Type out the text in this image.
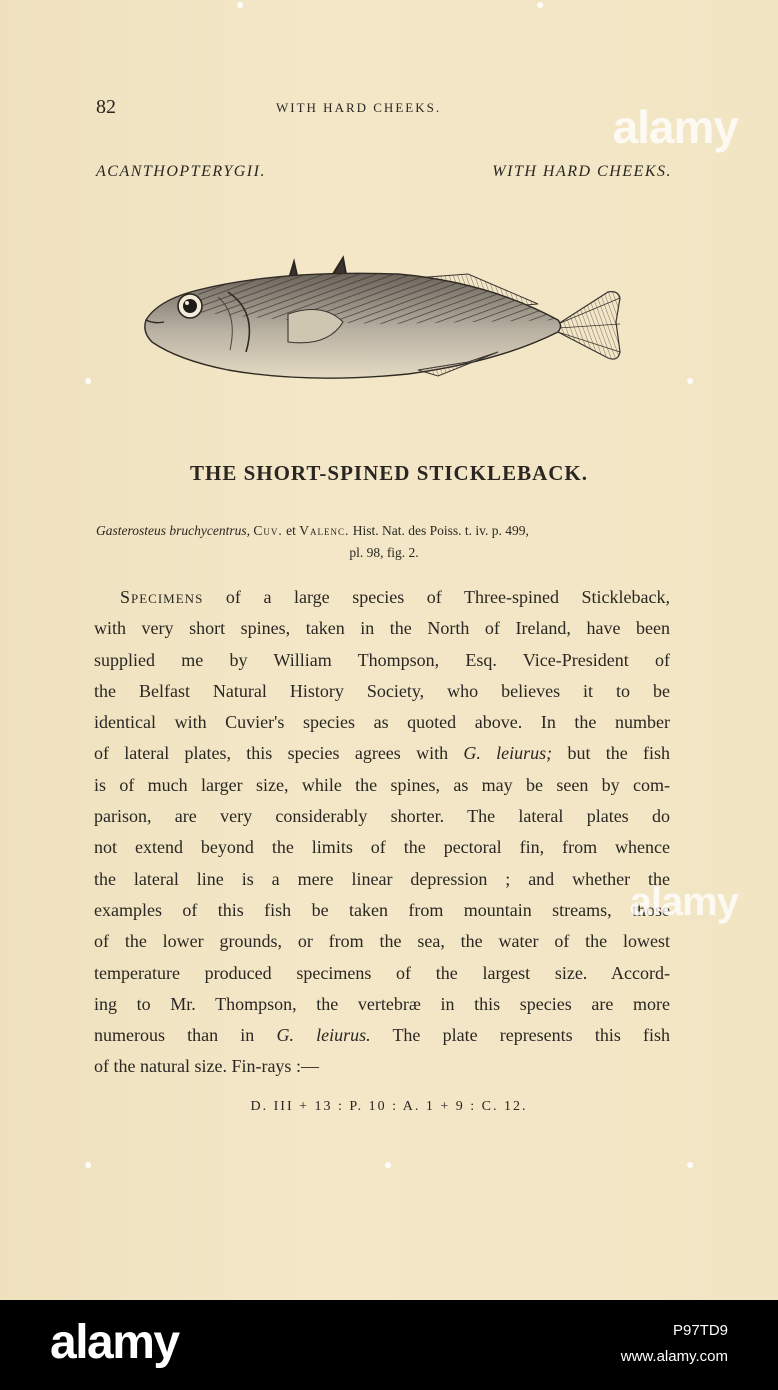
82	WITH HARD CHEEKS.
ACANTHOPTERYGII.	WITH HARD CHEEKS.
THE SHORT-SPINED STICKLEBACK.
Gasterosteus bruchycentrus, Cuv. et Valenc. Hist. Nat. des Poiss. t. iv. p. 499,
pl. 98, fig. 2.
Specimens of a large species of Three-spined Stickleback,
with very short spines, taken in the North of Ireland, have been
supplied me by William Thompson, Esq. Vice-President of
the Belfast Natural History Society, who believes it to be
identical with Cuvier's species as quoted above. In the number
of lateral plates, this species agrees with G. leiurus; but the fish
is of much larger size, while the spines, as may be seen by com-
parison, are very considerably shorter. The lateral plates do
not extend beyond the limits of the pectoral fin, from whence
the lateral line is a mere linear depression ; and whether the
examples of this fish be taken from mountain streams, those
of the lower grounds, or from the sea, the water of the lowest
temperature produced specimens of the largest size. Accord-
ing to Mr. Thompson, the vertebræ in this species are more
numerous than in G. leiurus. The plate represents this fish
of the natural size. Fin-rays :—
D. III + 13 : P. 10 : A. 1 + 9 : C. 12.
alamy
alamy
●	●
●	●
●	●	●
alamy	P97TD9
www.alamy.com
